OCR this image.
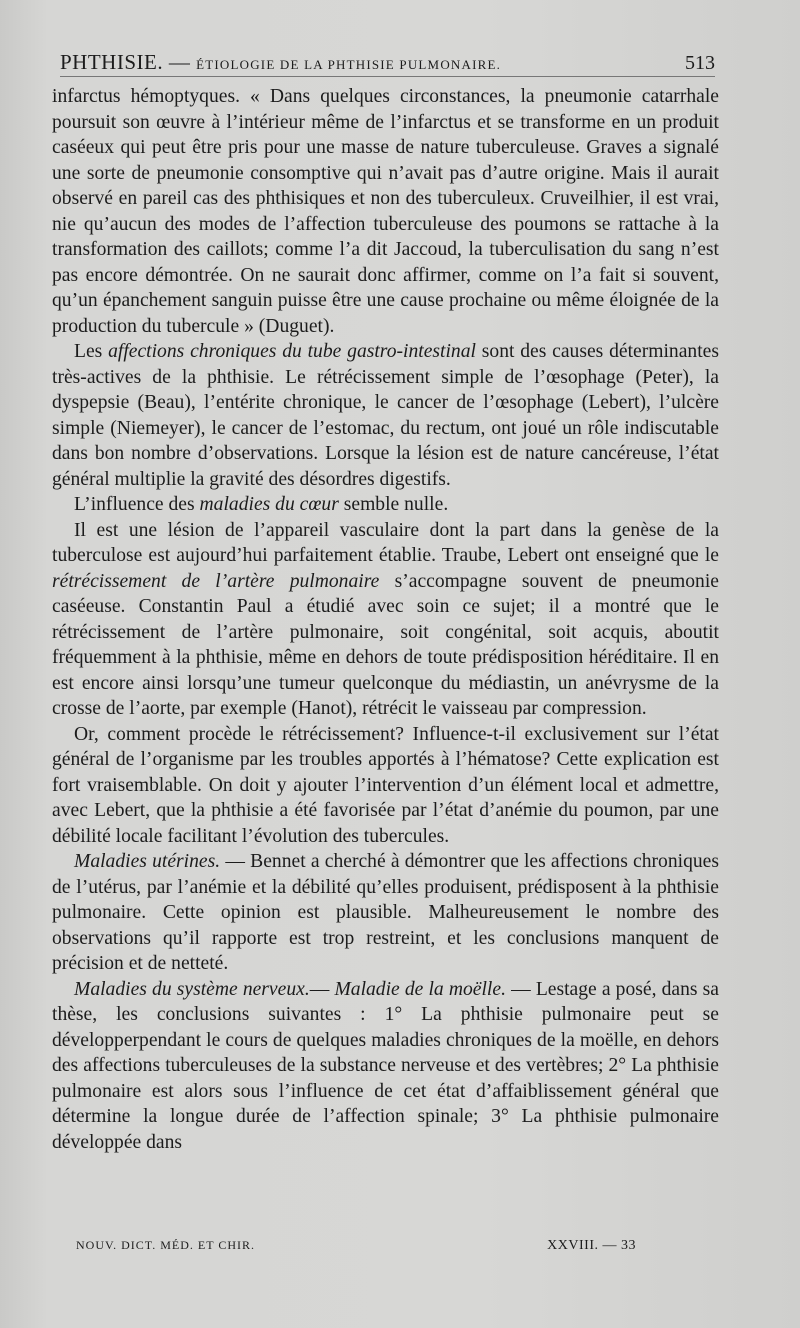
PHTHISIE. — ÉTIOLOGIE DE LA PHTHISIE PULMONAIRE.	513

infarctus hémoptyques. « Dans quelques circonstances, la pneumonie catarrhale poursuit son œuvre à l’intérieur même de l’infarctus et se transforme en un produit caséeux qui peut être pris pour une masse de nature tuberculeuse. Graves a signalé une sorte de pneumonie consomptive qui n’avait pas d’autre origine. Mais il aurait observé en pareil cas des phthisiques et non des tuberculeux. Cruveilhier, il est vrai, nie qu’aucun des modes de l’affection tuberculeuse des poumons se rattache à la transformation des caillots; comme l’a dit Jaccoud, la tuberculisation du sang n’est pas encore démontrée. On ne saurait donc affirmer, comme on l’a fait si souvent, qu’un épanchement sanguin puisse être une cause prochaine ou même éloignée de la production du tubercule » (Duguet).

Les affections chroniques du tube gastro-intestinal sont des causes déterminantes très-actives de la phthisie. Le rétrécissement simple de l’œsophage (Peter), la dyspepsie (Beau), l’entérite chronique, le cancer de l’œsophage (Lebert), l’ulcère simple (Niemeyer), le cancer de l’estomac, du rectum, ont joué un rôle indiscutable dans bon nombre d’observations. Lorsque la lésion est de nature cancéreuse, l’état général multiplie la gravité des désordres digestifs.

L’influence des maladies du cœur semble nulle.

Il est une lésion de l’appareil vasculaire dont la part dans la genèse de la tuberculose est aujourd’hui parfaitement établie. Traube, Lebert ont enseigné que le rétrécissement de l’artère pulmonaire s’accompagne souvent de pneumonie caséeuse. Constantin Paul a étudié avec soin ce sujet; il a montré que le rétrécissement de l’artère pulmonaire, soit congénital, soit acquis, aboutit fréquemment à la phthisie, même en dehors de toute prédisposition héréditaire. Il en est encore ainsi lorsqu’une tumeur quelconque du médiastin, un anévrysme de la crosse de l’aorte, par exemple (Hanot), rétrécit le vaisseau par compression.

Or, comment procède le rétrécissement? Influence-t-il exclusivement sur l’état général de l’organisme par les troubles apportés à l’hématose? Cette explication est fort vraisemblable. On doit y ajouter l’intervention d’un élément local et admettre, avec Lebert, que la phthisie a été favorisée par l’état d’anémie du poumon, par une débilité locale facilitant l’évolution des tubercules.

Maladies utérines. — Bennet a cherché à démontrer que les affections chroniques de l’utérus, par l’anémie et la débilité qu’elles produisent, prédisposent à la phthisie pulmonaire. Cette opinion est plausible. Malheureusement le nombre des observations qu’il rapporte est trop restreint, et les conclusions manquent de précision et de netteté.

Maladies du système nerveux.— Maladie de la moëlle. — Lestage a posé, dans sa thèse, les conclusions suivantes : 1° La phthisie pulmonaire peut se développerpendant le cours de quelques maladies chroniques de la moëlle, en dehors des affections tuberculeuses de la substance nerveuse et des vertèbres; 2° La phthisie pulmonaire est alors sous l’influence de cet état d’affaiblissement général que détermine la longue durée de l’affection spinale; 3° La phthisie pulmonaire développée dans

NOUV. DICT. MÉD. ET CHIR.	XXVIII. — 33
